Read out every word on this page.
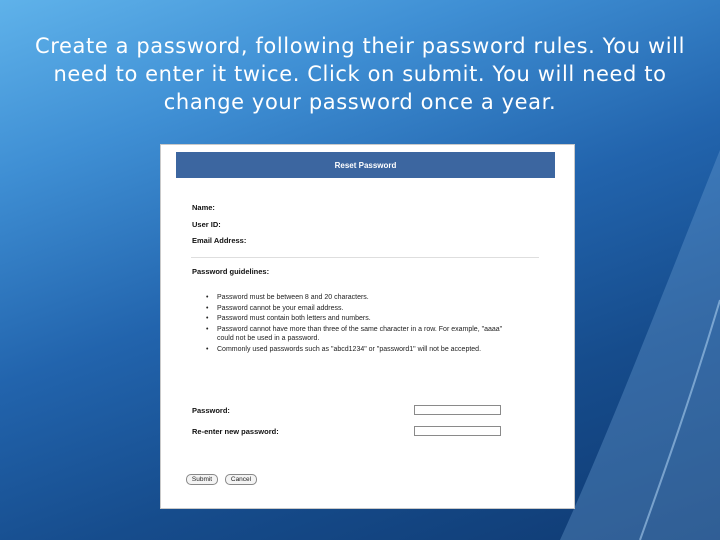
Create a password, following their password rules. You will need to enter it twice. Click on submit. You will need to change your password once a year.
Reset Password
Name:
User ID:
Email Address:
Password guidelines:
• Password must be between 8 and 20 characters.
• Password cannot be your email address.
• Password must contain both letters and numbers.
• Password cannot have more than three of the same character in a row. For example, "aaaa" could not be used in a password.
• Commonly used passwords such as "abcd1234" or "password1" will not be accepted.
Password:
Re-enter new password:
Submit	Cancel
